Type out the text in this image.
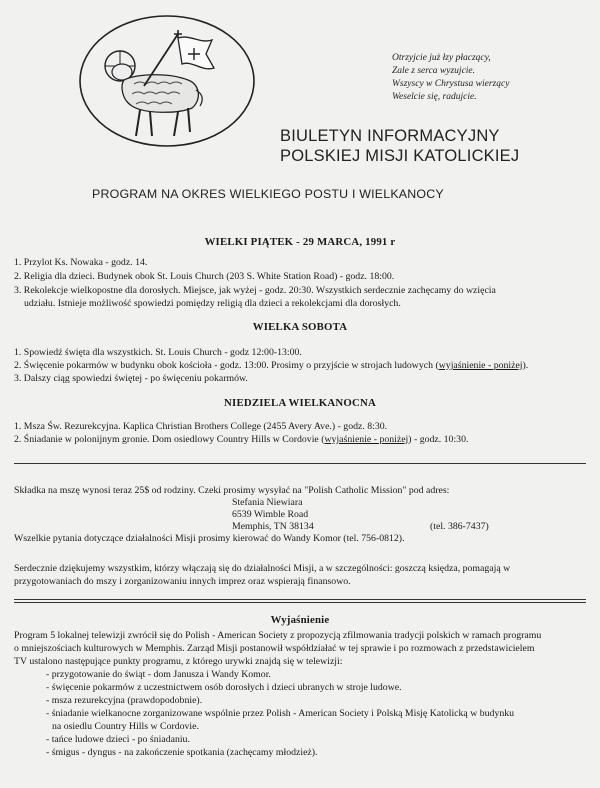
Otrzyjcie już łzy płaczący,
Zale z serca wyzujcie.
Wszyscy w Chrystusa wierzący
Weselcie się, radujcie.
BIULETYN INFORMACYJNY
POLSKIEJ MISJI KATOLICKIEJ
PROGRAM NA OKRES WIELKIEGO POSTU I WIELKANOCY
WIELKI PIĄTEK - 29 MARCA, 1991 r
1. Przylot Ks. Nowaka - godz. 14.
2. Religia dla dzieci. Budynek obok St. Louis Church (203 S. White Station Road) - godz. 18:00.
3. Rekolekcje wielkopostne dla dorosłych. Miejsce, jak wyżej - godz. 20:30. Wszystkich serdecznie zachęcamy do wzięcia
udziału. Istnieje możliwość spowiedzi pomiędzy religią dla dzieci a rekolekcjami dla dorosłych.
WIELKA SOBOTA
1. Spowiedź święta dla wszystkich. St. Louis Church - godz 12:00-13:00.
2. Święcenie pokarmów w budynku obok kościoła - godz. 13:00. Prosimy o przyjście w strojach ludowych (wyjaśnienie - poniżej).
3. Dalszy ciąg spowiedzi świętej - po święceniu pokarmów.
NIEDZIELA WIELKANOCNA
1. Msza Św. Rezurekcyjna. Kaplica Christian Brothers College (2455 Avery Ave.) - godz. 8:30.
2. Śniadanie w polonijnym gronie. Dom osiedlowy Country Hills w Cordovie (wyjaśnienie - poniżej) - godz. 10:30.
Składka na mszę wynosi teraz 25$ od rodziny. Czeki prosimy wysyłać na "Polish Catholic Mission" pod adres:
Stefania Niewiara
6539 Wimble Road
Memphis, TN 38134	(tel. 386-7437)
Wszelkie pytania dotyczące działalności Misji prosimy kierować do Wandy Komor (tel. 756-0812).
Serdecznie dziękujemy wszystkim, którzy włączają się do działalności Misji, a w szczególności: goszczą księdza, pomagają w
przygotowaniach do mszy i zorganizowaniu innych imprez oraz wspierają finansowo.
Wyjaśnienie
Program 5 lokalnej telewizji zwrócił się do Polish - American Society z propozycją zfilmowania tradycji polskich w ramach programu
o mniejszościach kulturowych w Memphis. Zarząd Misji postanowił współdziałać w tej sprawie i po rozmowach z przedstawicielem
TV ustalono następujące punkty programu, z którego urywki znajdą się w telewizji:
- przygotowanie do świąt - dom Janusza i Wandy Komor.
- święcenie pokarmów z uczestnictwem osób dorosłych i dzieci ubranych w stroje ludowe.
- msza rezurekcyjna (prawdopodobnie).
- śniadanie wielkanocne zorganizowane wspólnie przez Polish - American Society i Polską Misję Katolicką w budynku
na osiedlu Country Hills w Cordovie.
- tańce ludowe dzieci - po śniadaniu.
- śmigus - dyngus - na zakończenie spotkania (zachęcamy młodzież).
